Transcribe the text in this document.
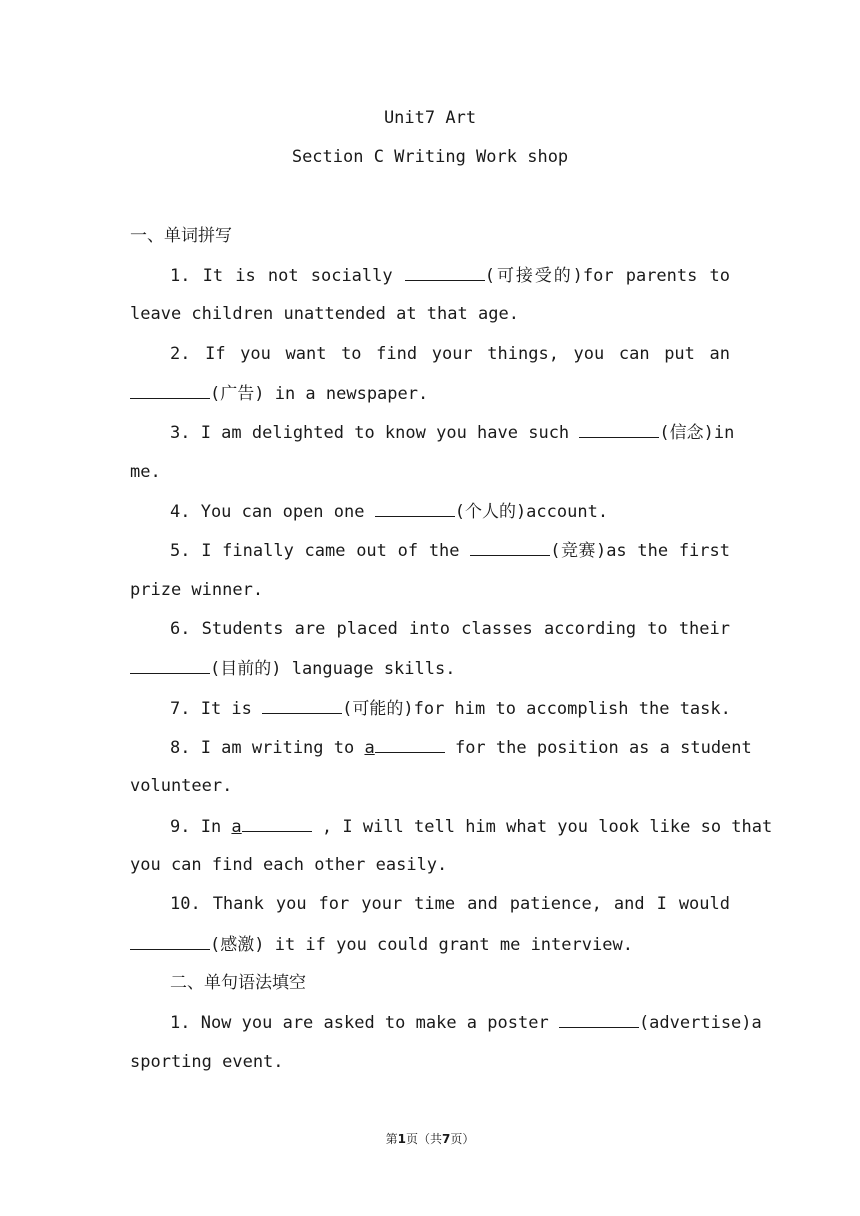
Unit7 Art
Section C Writing Work shop
一、单词拼写
1. It is not socially	(可接受的)for parents to
leave children unattended at that age.
2. If you want to find your things, you can put an
(广告) in a newspaper.
3. I am delighted to know you have such	(信念)in
me.
4. You can open one	(个人的)account.
5. I finally came out of the	(竞赛)as the first
prize winner.
6. Students are placed into classes according to their
(目前的) language skills.
7. It is	(可能的)for him to accomplish the task.
8. I am writing to a	for the position as a student
volunteer.
9. In a	, I will tell him what you look like so that
you can find each other easily.
10. Thank you for your time and patience, and I would
(感激) it if you could grant me interview.
二、单句语法填空
1. Now you are asked to make a poster	(advertise)a
sporting event.
第1页（共7页）
